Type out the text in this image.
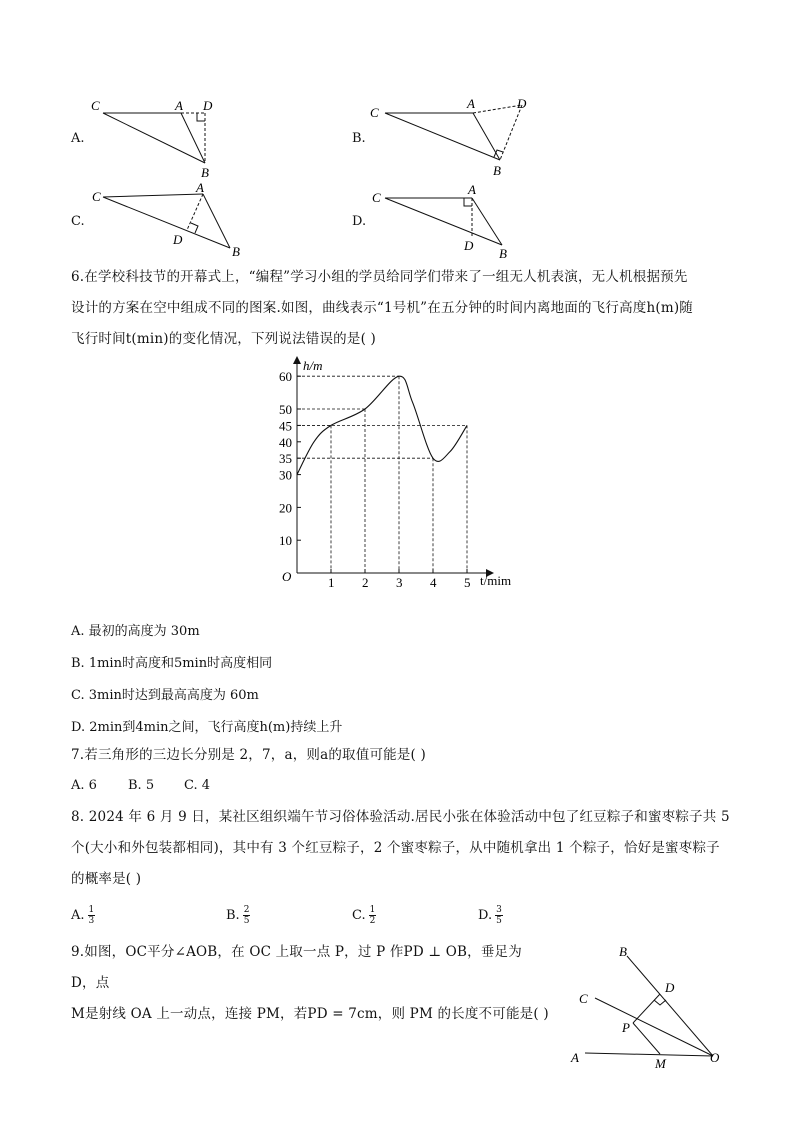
A.
C	A D
B
B.
C
A	D
B
C.
C
A
D
B
D.
C
A
D
B
6.在学校科技节的开幕式上，“编程”学习小组的学员给同学们带来了一组无人机表演，无人机根据预先
设计的方案在空中组成不同的图案.如图，曲线表示“1号机”在五分钟的时间内离地面的飞行高度h(m)随
飞行时间t(min)的变化情况，下列说法错误的是( )
h/m
t/mim
O	1 2 3 4 5
10
20
30
35
40
45
50
60
A. 最初的高度为 30m
B. 1min时高度和5min时高度相同
C. 3min时达到最高高度为 60m
D. 2min到4min之间，飞行高度h(m)持续上升
7.若三角形的三边长分别是 2，7，a，则a的取值可能是( )
A. 6 B. 5 C. 4
8. 2024 年 6 月 9 日，某社区组织端午节习俗体验活动.居民小张在体验活动中包了红豆粽子和蜜枣粽子共 5
个(大小和外包装都相同)，其中有 3 个红豆粽子，2 个蜜枣粽子，从中随机拿出 1 个粽子，恰好是蜜枣粽子
的概率是( )
A. $\frac{1}{3}$	B. $\frac{2}{5}$	C. $\frac{1}{2}$	D. $\frac{3}{5}$
9.如图，OC平分∠AOB，在 OC 上取一点 P，过 P 作PD ⊥ OB，垂足为 D，点
M是射线 OA 上一动点，连接 PM，若PD = 7cm，则 PM 的长度不可能是( )
B
D
C
P
A	M	O
